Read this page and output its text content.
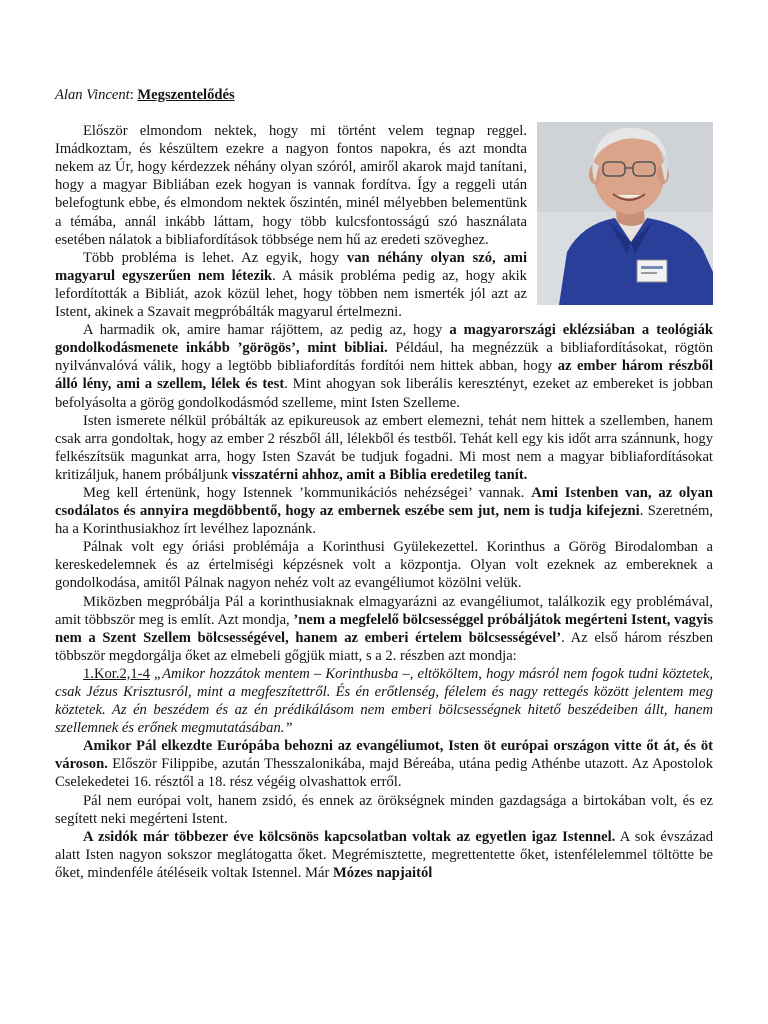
Alan Vincent: Megszentelődés

Először elmondom nektek, hogy mi történt velem tegnap reggel. Imádkoztam, és készültem ezekre a nagyon fontos napokra, és azt mondta nekem az Úr, hogy kérdezzek néhány olyan szóról, amiről akarok majd tanítani, hogy a magyar Bibliában ezek hogyan is vannak fordítva. Így a reggeli után belefogtunk ebbe, és elmondom nektek őszintén, minél mélyebben belementünk a témába, annál inkább láttam, hogy több kulcsfontosságú szó használata esetében nálatok a bibliafordítások többsége nem hű az eredeti szöveghez.

Több probléma is lehet. Az egyik, hogy van néhány olyan szó, ami magyarul egyszerűen nem létezik. A másik probléma pedig az, hogy akik lefordították a Bibliát, azok közül lehet, hogy többen nem ismerték jól azt az Istent, akinek a Szavait megpróbálták magyarul értelmezni.

A harmadik ok, amire hamar rájöttem, az pedig az, hogy a magyarországi eklézsiában a teológiák gondolkodásmenete inkább ’görögös’, mint bibliai. Például, ha megnézzük a bibliafordításokat, rögtön nyilvánvalóvá válik, hogy a legtöbb bibliafordítás fordítói nem hittek abban, hogy az ember három részből álló lény, ami a szellem, lélek és test. Mint ahogyan sok liberális keresztényt, ezeket az embereket is jobban befolyásolta a görög gondolkodásmód szelleme, mint Isten Szelleme.

Isten ismerete nélkül próbálták az epikureusok az embert elemezni, tehát nem hittek a szellemben, hanem csak arra gondoltak, hogy az ember 2 részből áll, lélekből és testből. Tehát kell egy kis időt arra szánnunk, hogy felkészítsük magunkat arra, hogy Isten Szavát be tudjuk fogadni. Mi most nem a magyar bibliafordításokat kritizáljuk, hanem próbáljunk visszatérni ahhoz, amit a Biblia eredetileg tanít.

Meg kell értenünk, hogy Istennek ’kommunikációs nehézségei’ vannak. Ami Istenben van, az olyan csodálatos és annyira megdöbbentő, hogy az embernek eszébe sem jut, nem is tudja kifejezni. Szeretném, ha a Korinthusiakhoz írt levélhez lapoznánk.

Pálnak volt egy óriási problémája a Korinthusi Gyülekezettel. Korinthus a Görög Birodalomban a kereskedelemnek és az értelmiségi képzésnek volt a központja. Olyan volt ezeknek az embereknek a gondolkodása, amitől Pálnak nagyon nehéz volt az evangéliumot közölni velük.

Miközben megpróbálja Pál a korinthusiaknak elmagyarázni az evangéliumot, találkozik egy problémával, amit többször meg is említ. Azt mondja, ’nem a megfelelő bölcsességgel próbáljátok megérteni Istent, vagyis nem a Szent Szellem bölcsességével, hanem az emberi értelem bölcsességével’. Az első három részben többször megdorgálja őket az elmebeli gőgjük miatt, s a 2. részben azt mondja:

1.Kor.2,1-4 „Amikor hozzátok mentem – Korinthusba –, eltököltem, hogy másról nem fogok tudni köztetek, csak Jézus Krisztusról, mint a megfeszítettről. És én erőtlenség, félelem és nagy rettegés között jelentem meg köztetek. Az én beszédem és az én prédikálásom nem emberi bölcsességnek hitető beszédeiben állt, hanem szellemnek és erőnek megmutatásában.”

Amikor Pál elkezdte Európába behozni az evangéliumot, Isten öt európai országon vitte őt át, és öt városon. Először Filippibe, azután Thesszalonikába, majd Béreába, utána pedig Athénbe utazott. Az Apostolok Cselekedetei 16. résztől a 18. rész végéig olvashattok erről.

Pál nem európai volt, hanem zsidó, és ennek az örökségnek minden gazdagsága a birtokában volt, és ez segített neki megérteni Istent.

A zsidók már többezer éve kölcsönös kapcsolatban voltak az egyetlen igaz Istennel. A sok évszázad alatt Isten nagyon sokszor meglátogatta őket. Megrémisztette, megrettentette őket, istenfélelemmel töltötte be őket, mindenféle átéléseik voltak Istennel. Már Mózes napjaitól
